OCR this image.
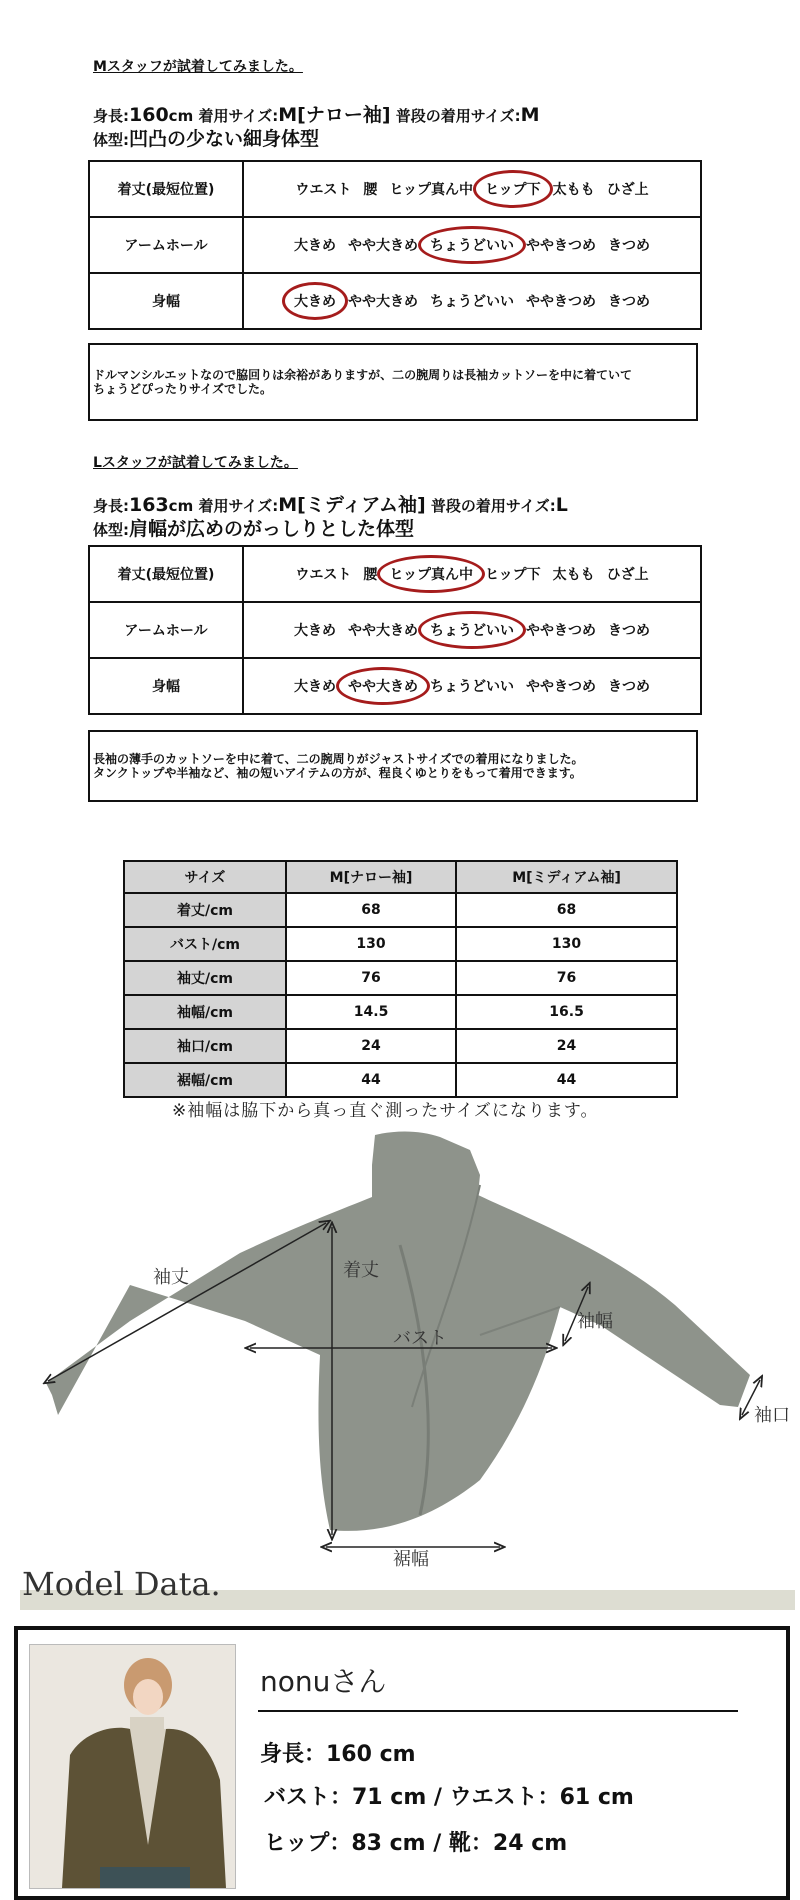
Mスタッフが試着してみました。
身長:160cm 着用サイズ:M[ナロー袖] 普段の着用サイズ:M
体型:凹凸の少ない細身体型
着丈(最短位置)	ウエスト 腰 ヒップ真ん中 ヒップ下 太もも ひざ上
アームホール	大きめ やや大きめ ちょうどいい ややきつめ きつめ
身幅	大きめ やや大きめ ちょうどいい ややきつめ きつめ
ドルマンシルエットなので脇回りは余裕がありますが、二の腕周りは長袖カットソーを中に着ていて
ちょうどぴったりサイズでした。
Lスタッフが試着してみました。
身長:163cm 着用サイズ:M[ミディアム袖] 普段の着用サイズ:L
体型:肩幅が広めのがっしりとした体型
着丈(最短位置)	ウエスト 腰 ヒップ真ん中 ヒップ下 太もも ひざ上
アームホール	大きめ やや大きめ ちょうどいい ややきつめ きつめ
身幅	大きめ やや大きめ ちょうどいい ややきつめ きつめ
長袖の薄手のカットソーを中に着て、二の腕周りがジャストサイズでの着用になりました。
タンクトップや半袖など、袖の短いアイテムの方が、程良くゆとりをもって着用できます。
サイズ	M[ナロー袖]	M[ミディアム袖]
着丈/cm	68	68
バスト/cm	130	130
袖丈/cm	76	76
袖幅/cm	14.5	16.5
袖口/cm	24	24
裾幅/cm	44	44
※袖幅は脇下から真っ直ぐ測ったサイズになります。
袖丈	着丈
バスト
袖幅
袖口
裾幅
Model Data.
nonuさん
身長：160 cm
バスト：71 cm / ウエスト：61 cm
ヒップ：83 cm / 靴：24 cm
